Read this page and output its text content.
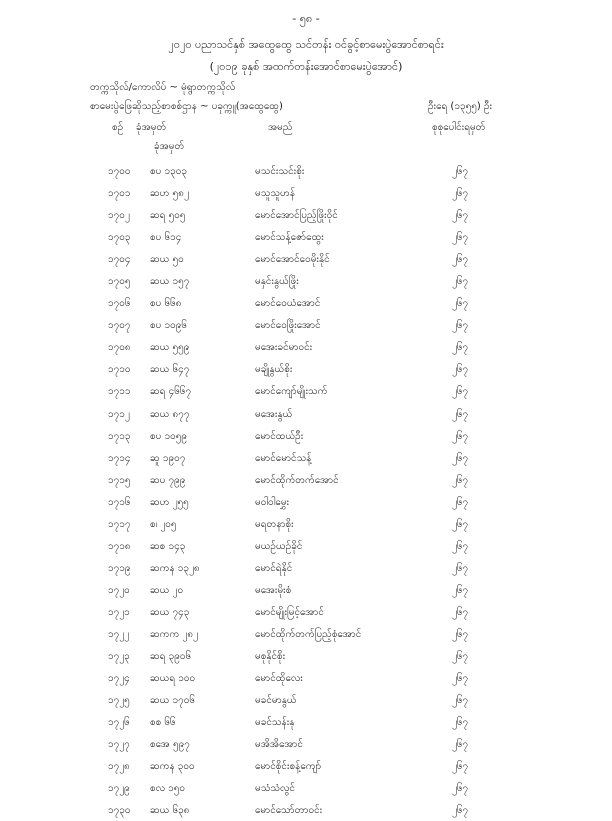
- ၅၈ -
၂၀၂၀ ပညာသင်နှစ် အထွေထွေ သင်တန်း ဝင်ခွင့်စာမေးပွဲအောင်စာရင်း
(၂၀၁၉ ခုနှစ် အထက်တန်းအောင်စာမေးပွဲအောင်)
တက္ကသိုလ်/ကောလိပ် ~ မုံရွာတက္ကသိုလ်
စာမေးပွဲဖြေဆိုသည့်စာစစ်ဌာန ~ ပခုက္ကူ(အထွေထွေ)	ဦးရေ (၁၃၅၅) ဦး
စဉ် ခုံအမှတ်
ခုံအမှတ်
အမည်	စုစုပေါင်းရမှတ်
၁၇၀၀ စပ ၁၃၀၃	မသင်းသင်းစိုး	၂၆၇
၁၇၀၁ ဆဟ ၅၈၂	မသူသူဟန်	၂၆၇
၁၇၀၂ ဆရ ၅၀၅	မောင်အောင်ပြည့်ဖြိုးဝိုင်	၂၆၇
၁၇၀၃ စပ ၆၁၄	မောင်သန့်ဇော်ထွေး	၂၆၇
၁၇၀၄ ဆယ ၅၀	မောင်အောင်ဝေမိုးနိုင်	၂၆၇
၁၇၀၅ ဆယ ၁၅၇	မနှင်းနွယ်ဖြိုး	၂၆၇
၁၇၀၆ စပ ၆၆၈	မောင်ဝေယံအောင်	၂၆၇
၁၇၀၇ စပ ၁၀၉၆	မောင်ဝေဖြိုးအောင်	၂၆၇
၁၇၀၈ ဆယ ၅၅၉	မအေးခင်မာဝင်း	၂၆၇
၁၇၁၀ ဆယ ၆၄၇	မချိုနွယ်စိုး	၂၆၇
၁၇၁၁ ဆရ ၄၆၆၇	မောင်ကျော်မျိုးသက်	၂၆၇
၁၇၁၂ ဆယ ၈၇၇	မအေးနွယ်	၂၆၇
၁၇၁၃ စပ ၁၀၅၉	မောင်ထယ်ဦး	၂၆၇
၁၇၁၄ ဆူ ၁၉၀၇	မောင်မောင်သန့်	၂၆၇
၁၇၁၅ ဆပ ၇၉၉	မောင်ထိုက်တက်အောင်	၂၆၇
၁၇၁၆ ဆဟ ၂၅၅	မဝါဝါမွှေး	၂၆၇
၁၇၁၇ စ၊ ၂၀၅	မရတနာစိုး	၂၆၇
၁၇၁၈ ဆစ ၁၄၃	မယဉ်ယဉ်ခိုင်	၂၆၇
၁၇၁၉ ဆကန ၁၃၂၈	မောင်ရဲနိုင်	၂၆၇
၁၇၂၀ ဆယ ၂၀	မအေးမိုးစံ	၂၆၇
၁၇၂၁ ဆယ ၇၄၃	မောင်မျိုးမြင့်အောင်	၂၆၇
၁၇၂၂ ဆကက ၂၈၂	မောင်ထိုက်တက်ပြည့်စုံအောင်	၂၆၇
၁၇၂၃ ဆရ ၃၉၀၆	မစုနိုင်စိုး	၂၆၇
၁၇၂၄ ဆယရ ၁၀၀	မောင်ထိုလေး	၂၆၇
၁၇၂၅ ဆယ ၁၇၀၆	မခင်မာနွယ်	၂၆၇
၁၇၂၆ စစ ၆၆	မခင်သန်းနု	၂၆၇
၁၇၂၇ စအေ ၅၉၇	မအိအိအောင်	၂၆၇
၁၇၂၈ ဆကန ၃၀၀	မောင်စိုင်းစန့်ကျော်	၂၆၇
၁၇၂၉ စလ ၁၅၀	မသံသံလွင်	၂၆၇
၁၇၃၀ ဆယ ၆၃၈	မောင်သော်တာဝင်း	၂၆၇
